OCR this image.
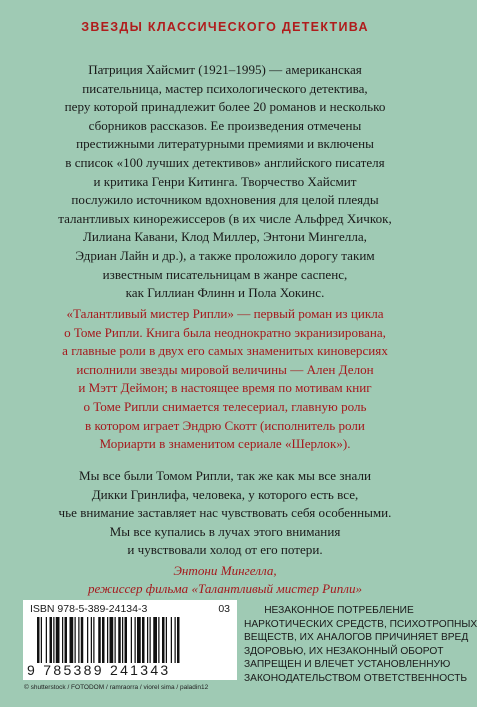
ЗВЕЗДЫ КЛАССИЧЕСКОГО ДЕТЕКТИВА
Патриция Хайсмит (1921–1995) — американская
писательница, мастер психологического детектива,
перу которой принадлежит более 20 романов и несколько
сборников рассказов. Ее произведения отмечены
престижными литературными премиями и включены
в список «100 лучших детективов» английского писателя
и критика Генри Китинга. Творчество Хайсмит
послужило источником вдохновения для целой плеяды
талантливых кинорежиссеров (в их числе Альфред Хичкок,
Лилиана Кавани, Клод Миллер, Энтони Мингелла,
Эдриан Лайн и др.), а также проложило дорогу таким
известным писательницам в жанре саспенс,
как Гиллиан Флинн и Пола Хокинс.
«Талантливый мистер Рипли» — первый роман из цикла
о Томе Рипли. Книга была неоднократно экранизирована,
а главные роли в двух его самых знаменитых киноверсиях
исполнили звезды мировой величины — Ален Делон
и Мэтт Деймон; в настоящее время по мотивам книг
о Томе Рипли снимается телесериал, главную роль
в котором играет Эндрю Скотт (исполнитель роли
Мориарти в знаменитом сериале «Шерлок»).
Мы все были Томом Рипли, так же как мы все знали
Дикки Гринлифа, человека, у которого есть все,
чье внимание заставляет нас чувствовать себя особенными.
Мы все купались в лучах этого внимания
и чувствовали холод от его потери.
Энтони Мингелла,
режиссер фильма «Талантливый мистер Рипли»
ISBN 978-5-389-24134-3	03
9 785389 241343
© shutterstock / FOTODOM / ramraorra / viorel sima / paladin12
НЕЗАКОННОЕ ПОТРЕБЛЕНИЕ
НАРКОТИЧЕСКИХ СРЕДСТВ, ПСИХОТРОПНЫХ
ВЕЩЕСТВ, ИХ АНАЛОГОВ ПРИЧИНЯЕТ ВРЕД
ЗДОРОВЬЮ, ИХ НЕЗАКОННЫЙ ОБОРОТ
ЗАПРЕЩЕН И ВЛЕЧЕТ УСТАНОВЛЕННУЮ
ЗАКОНОДАТЕЛЬСТВОМ ОТВЕТСТВЕННОСТЬ
